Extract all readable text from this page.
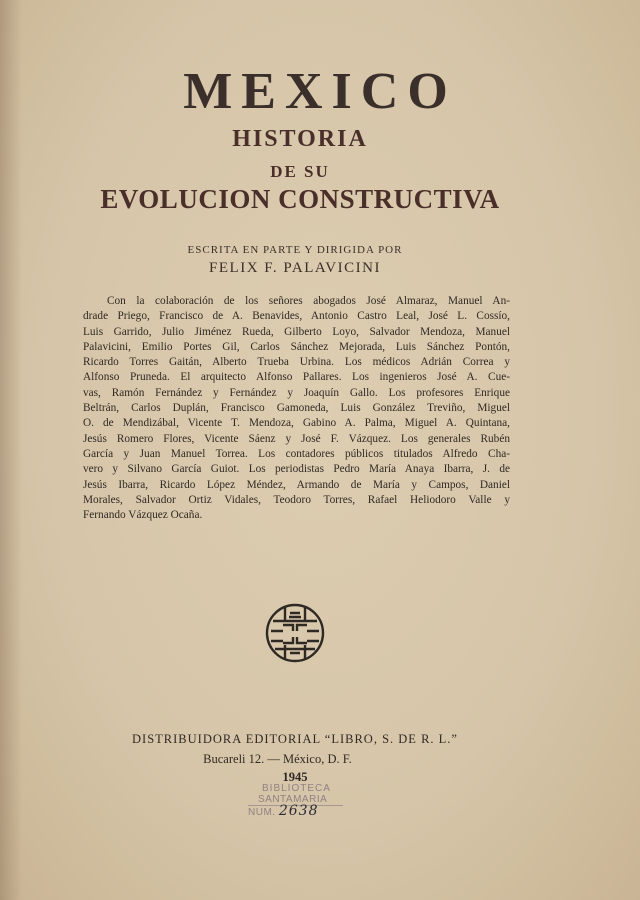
MEXICO
HISTORIA
DE SU
EVOLUCION CONSTRUCTIVA
ESCRITA EN PARTE Y DIRIGIDA POR
FELIX F. PALAVICINI

Con la colaboración de los señores abogados José Almaraz, Manuel An-
drade Priego, Francisco de A. Benavides, Antonio Castro Leal, José L. Cossío,
Luis Garrido, Julio Jiménez Rueda, Gilberto Loyo, Salvador Mendoza, Manuel
Palavicini, Emilio Portes Gil, Carlos Sánchez Mejorada, Luis Sánchez Pontón,
Ricardo Torres Gaitán, Alberto Trueba Urbina. Los médicos Adrián Correa y
Alfonso Pruneda. El arquitecto Alfonso Pallares. Los ingenieros José A. Cue-
vas, Ramón Fernández y Fernández y Joaquín Gallo. Los profesores Enrique
Beltrán, Carlos Duplán, Francisco Gamoneda, Luis González Treviño, Miguel
O. de Mendizábal, Vicente T. Mendoza, Gabino A. Palma, Miguel A. Quintana,
Jesús Romero Flores, Vicente Sáenz y José F. Vázquez. Los generales Rubén
García y Juan Manuel Torrea. Los contadores públicos titulados Alfredo Cha-
vero y Silvano García Guiot. Los periodistas Pedro María Anaya Ibarra, J. de
Jesús Ibarra, Ricardo López Méndez, Armando de María y Campos, Daniel
Morales, Salvador Ortiz Vidales, Teodoro Torres, Rafael Heliodoro Valle y
Fernando Vázquez Ocaña.

DISTRIBUIDORA EDITORIAL “LIBRO, S. DE R. L.”
Bucareli 12. — México, D. F.
1945
BIBLIOTECA
SANTAMARIA
NUM. 2638
